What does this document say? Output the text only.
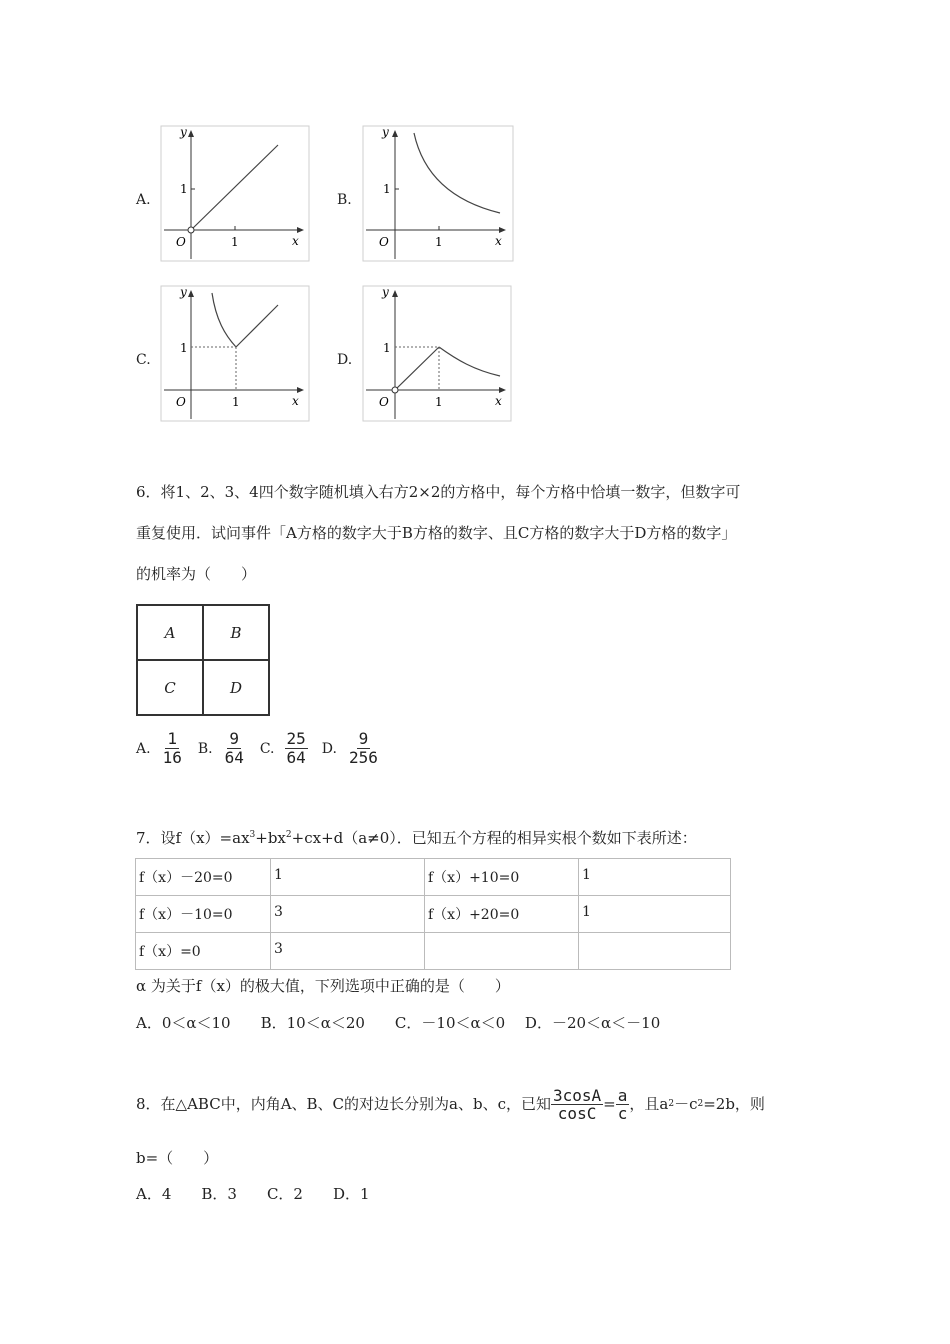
A.
y
x
O
1
1
B.
y
x
O
1
1
C.
y
x
O
1
1
D.
y
x
O
1
1
6．将1、2、3、4四个数字随机填入右方2×2的方格中，每个方格中恰填一数字，但数字可
重复使用．试问事件「A方格的数字大于B方格的数字、且C方格的数字大于D方格的数字」
的机率为（　　）
A	B
C	D
A. $\frac{1}{16} B$. $\frac{9}{64} C$. $\frac{25}{64} D$. $\frac{9}{256}$
7．设$f(x)=ax^3+bx^2+cx+d(a\ne 0)$．已知五个方程的相异实根个数如下表所述：
f（x）－20=0	1	f（x）+10=0	1
f（x）－10=0	3	f（x）+20=0	1
f（x）=0	3		
α 为关于f（x）的极大值，下列选项中正确的是（　　）
A．0＜α＜10　　B．10＜α＜20　　C．－10＜α＜0　 D．－20＜α＜－10
8．在△ABC中，内角A、B、C的对边长分别为a、b、c，已知 $\frac{3\cos A}{\cos C} = \frac{a}{c}$ ，且a 2 －c 2 =2b，则
b=（　　）
A．4　　B．3　　C．2　　D．1
